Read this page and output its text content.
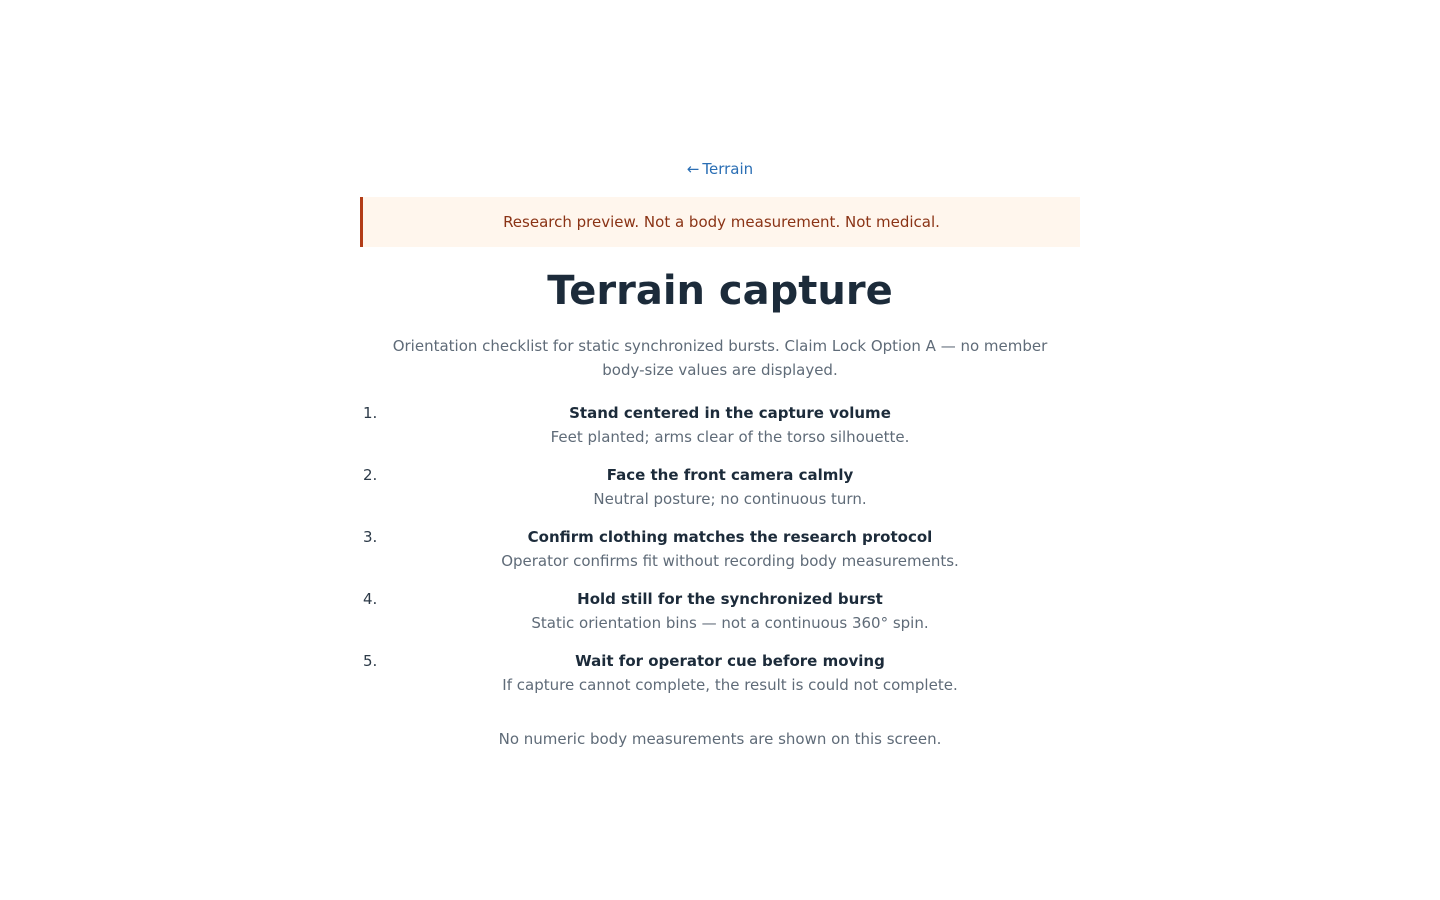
← Terrain
Research preview. Not a body measurement. Not medical.
Terrain capture
Orientation checklist for static synchronized bursts. Claim Lock Option A — no member body-size values are displayed.
1.	Stand centered in the capture volume
Feet planted; arms clear of the torso silhouette.
2.	Face the front camera calmly
Neutral posture; no continuous turn.
3.	Confirm clothing matches the research protocol
Operator confirms fit without recording body measurements.
4.	Hold still for the synchronized burst
Static orientation bins — not a continuous 360° spin.
5.	Wait for operator cue before moving
If capture cannot complete, the result is could not complete.
No numeric body measurements are shown on this screen.
